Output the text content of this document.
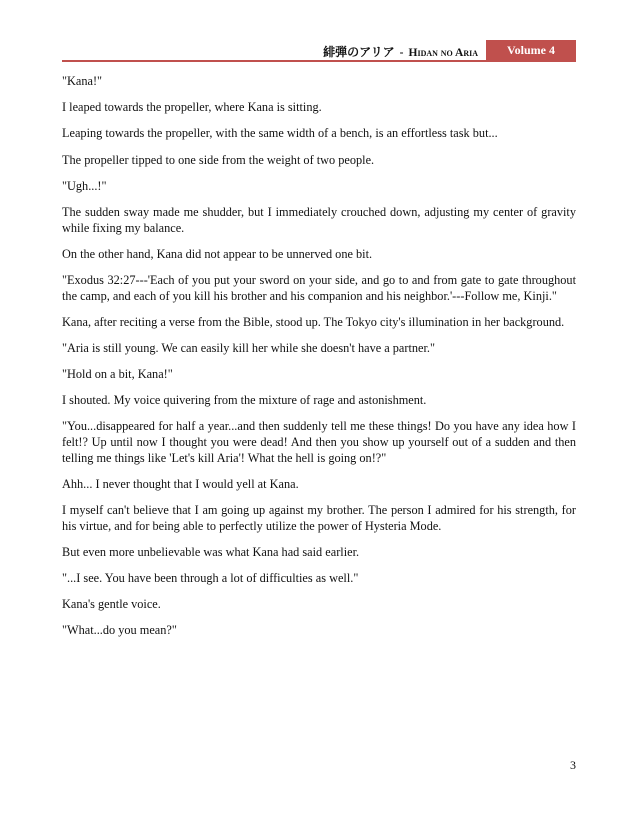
緋弾のアリア - Hidan no Aria Volume 4

"Kana!"

I leaped towards the propeller, where Kana is sitting.

Leaping towards the propeller, with the same width of a bench, is an effortless task but...

The propeller tipped to one side from the weight of two people.

"Ugh...!"

The sudden sway made me shudder, but I immediately crouched down, adjusting my center of gravity while fixing my balance.

On the other hand, Kana did not appear to be unnerved one bit.

"Exodus 32:27---'Each of you put your sword on your side, and go to and from gate to gate throughout the camp, and each of you kill his brother and his companion and his neighbor.'---Follow me, Kinji."

Kana, after reciting a verse from the Bible, stood up. The Tokyo city's illumination in her background.

"Aria is still young. We can easily kill her while she doesn't have a partner."

"Hold on a bit, Kana!"

I shouted. My voice quivering from the mixture of rage and astonishment.

"You...disappeared for half a year...and then suddenly tell me these things! Do you have any idea how I felt!? Up until now I thought you were dead! And then you show up yourself out of a sudden and then telling me things like 'Let's kill Aria'! What the hell is going on!?"

Ahh... I never thought that I would yell at Kana.

I myself can't believe that I am going up against my brother. The person I admired for his strength, for his virtue, and for being able to perfectly utilize the power of Hysteria Mode.

But even more unbelievable was what Kana had said earlier.

"...I see. You have been through a lot of difficulties as well."

Kana's gentle voice.

"What...do you mean?"

3
